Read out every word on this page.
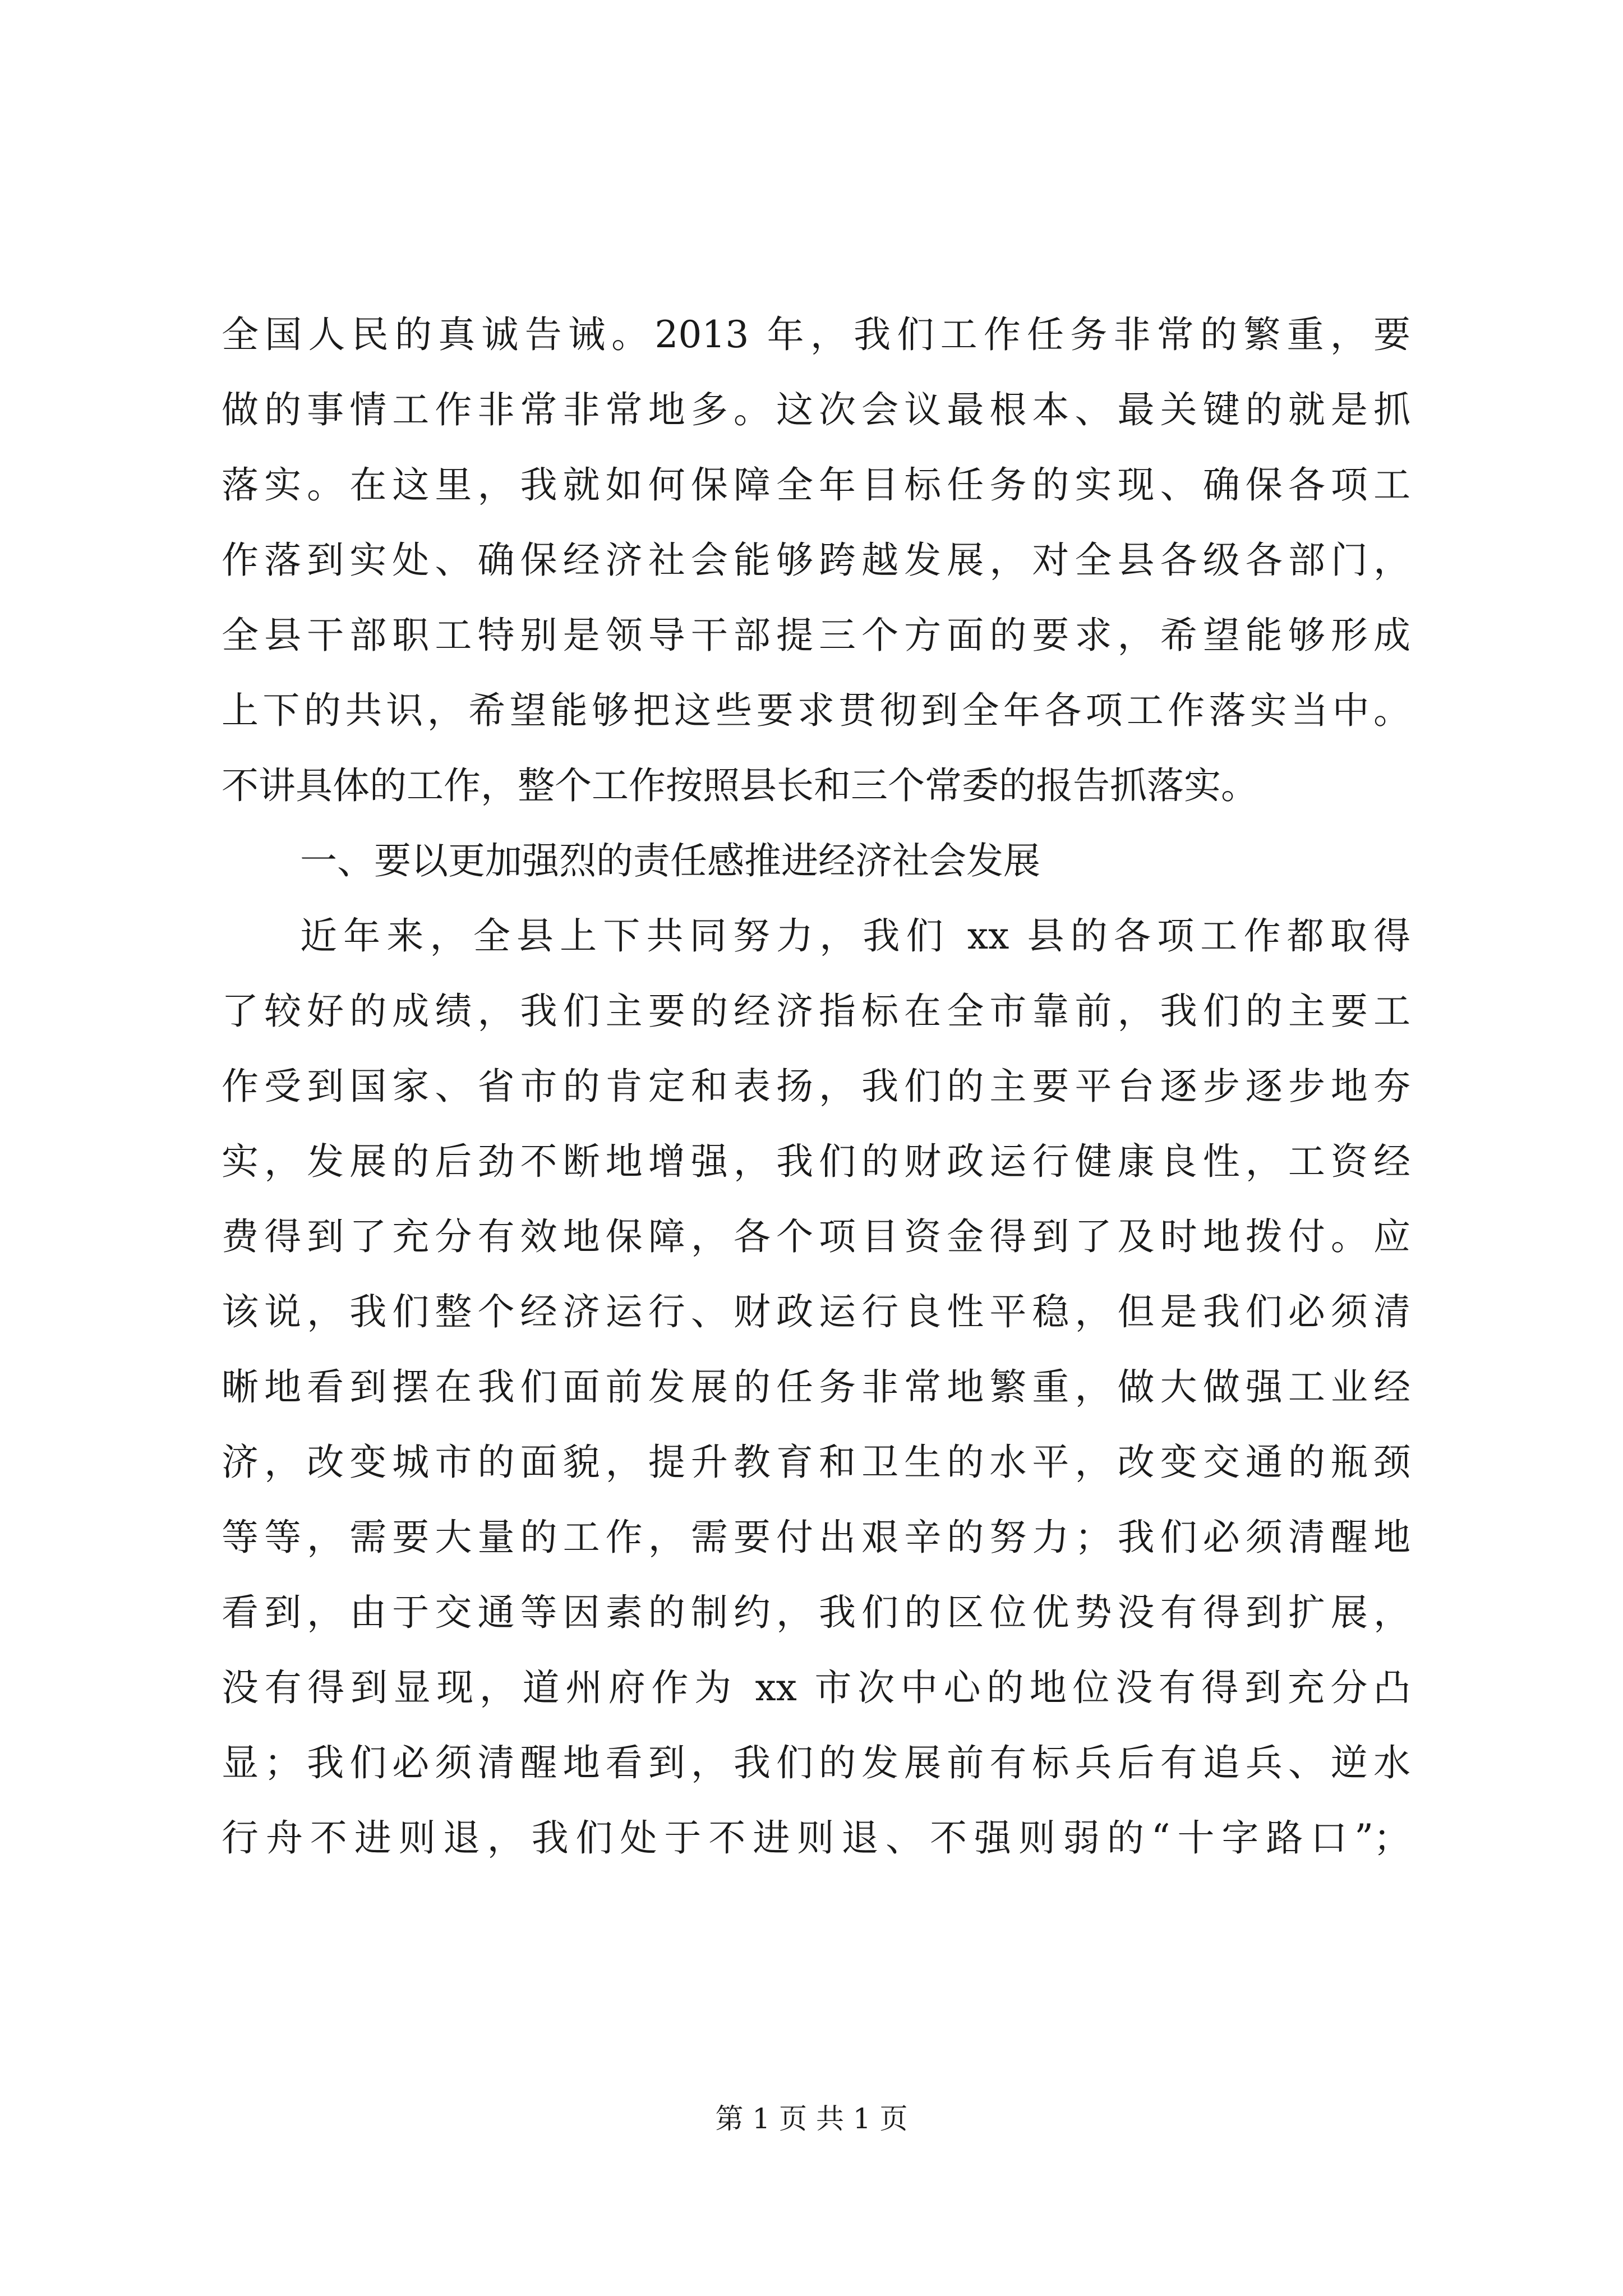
全国人民的真诚告诫。2013 年，我们工作任务非常的繁重，要
做的事情工作非常非常地多。这次会议最根本、最关键的就是抓
落实。在这里，我就如何保障全年目标任务的实现、确保各项工
作落到实处、确保经济社会能够跨越发展，对全县各级各部门，
全县干部职工特别是领导干部提三个方面的要求，希望能够形成
上下的共识，希望能够把这些要求贯彻到全年各项工作落实当中。
不讲具体的工作，整个工作按照县长和三个常委的报告抓落实。
一、要以更加强烈的责任感推进经济社会发展
近年来，全县上下共同努力，我们 xx 县的各项工作都取得
了较好的成绩，我们主要的经济指标在全市靠前，我们的主要工
作受到国家、省市的肯定和表扬，我们的主要平台逐步逐步地夯
实，发展的后劲不断地增强，我们的财政运行健康良性，工资经
费得到了充分有效地保障，各个项目资金得到了及时地拨付。应
该说，我们整个经济运行、财政运行良性平稳，但是我们必须清
晰地看到摆在我们面前发展的任务非常地繁重，做大做强工业经
济，改变城市的面貌，提升教育和卫生的水平，改变交通的瓶颈
等等，需要大量的工作，需要付出艰辛的努力；我们必须清醒地
看到，由于交通等因素的制约，我们的区位优势没有得到扩展，
没有得到显现，道州府作为 xx 市次中心的地位没有得到充分凸
显；我们必须清醒地看到，我们的发展前有标兵后有追兵、逆水
行舟不进则退，我们处于不进则退、不强则弱的“十字路口”；
第 1 页 共 1 页
